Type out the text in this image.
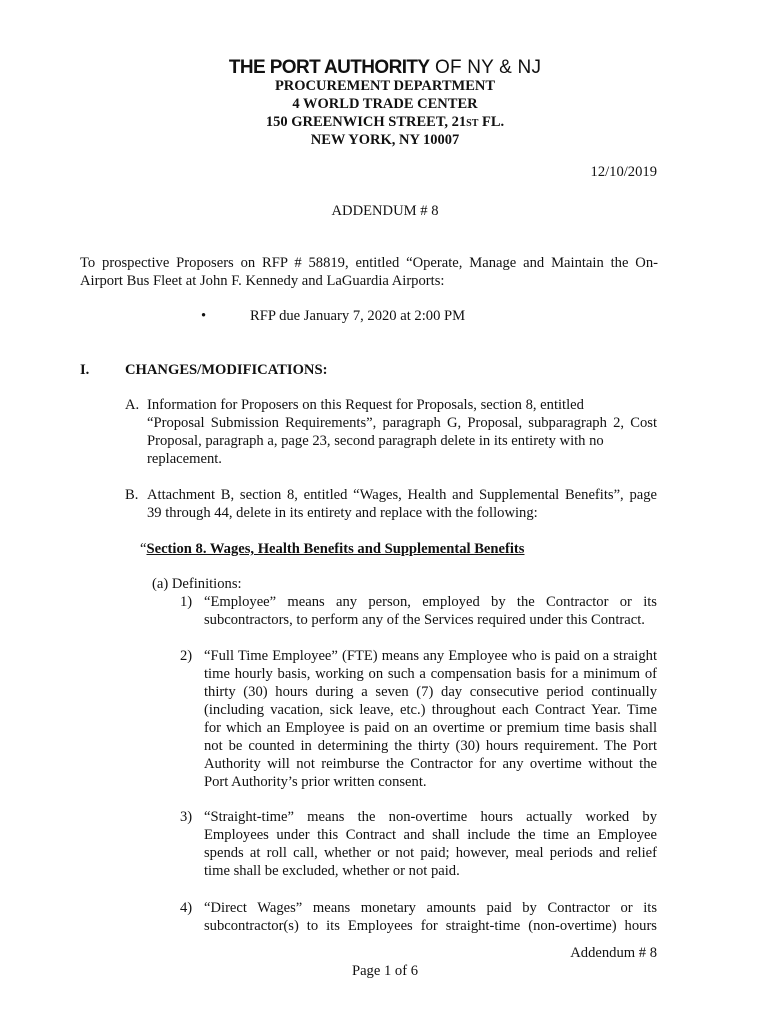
THE PORT AUTHORITY OF NY & NJ
PROCUREMENT DEPARTMENT
4 WORLD TRADE CENTER
150 GREENWICH STREET, 21ST FL.
NEW YORK, NY 10007
12/10/2019
ADDENDUM # 8
To prospective Proposers on RFP # 58819, entitled “Operate, Manage and Maintain the On-
Airport Bus Fleet at John F. Kennedy and LaGuardia Airports:
•	RFP due January 7, 2020 at 2:00 PM
I. CHANGES/MODIFICATIONS:
A. Information for Proposers on this Request for Proposals, section 8, entitled
“Proposal Submission Requirements”, paragraph G, Proposal, subparagraph 2, Cost
Proposal, paragraph a, page 23, second paragraph delete in its entirety with no
replacement.
B. Attachment B, section 8, entitled “Wages, Health and Supplemental Benefits”, page
39 through 44, delete in its entirety and replace with the following:
“Section 8. Wages, Health Benefits and Supplemental Benefits
(a) Definitions:
1) “Employee” means any person, employed by the Contractor or its
subcontractors, to perform any of the Services required under this Contract.
2) “Full Time Employee” (FTE) means any Employee who is paid on a straight
time hourly basis, working on such a compensation basis for a minimum of
thirty (30) hours during a seven (7) day consecutive period continually
(including vacation, sick leave, etc.) throughout each Contract Year. Time
for which an Employee is paid on an overtime or premium time basis shall
not be counted in determining the thirty (30) hours requirement. The Port
Authority will not reimburse the Contractor for any overtime without the
Port Authority’s prior written consent.
3) “Straight-time” means the non-overtime hours actually worked by
Employees under this Contract and shall include the time an Employee
spends at roll call, whether or not paid; however, meal periods and relief
time shall be excluded, whether or not paid.
4) “Direct Wages” means monetary amounts paid by Contractor or its
subcontractor(s) to its Employees for straight-time (non-overtime) hours
Addendum # 8
Page 1 of 6
